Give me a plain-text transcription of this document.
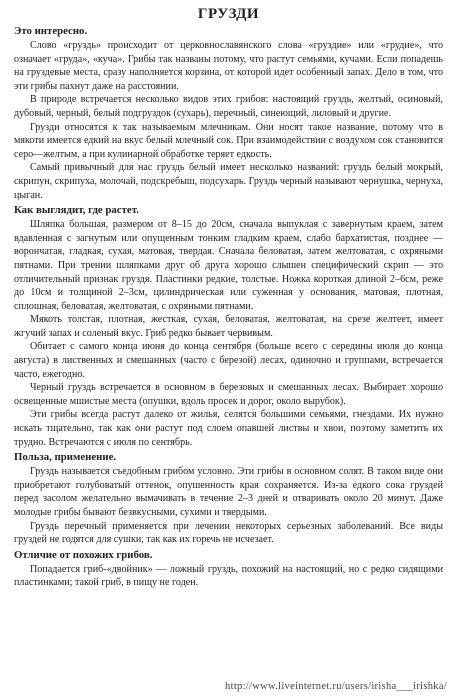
ГРУЗДИ
Это интересно.

Слово «груздь» происходит от церковнославянского слова «груздие» или «грудие», что означает «груда», «куча». Грибы так названы потому, что растут семьями, кучами. Если попадешь на груздевые места, сразу наполняется корзина, от которой идет особенный запах. Дело в том, что эти грибы пахнут даже на расстоянии.

В природе встречается несколько видов этих грибов: настоящий груздь, желтый, осиновый, дубовый, черный, белый подгруздок (сухарь), перечный, синеющий, лиловый и другие.

Грузди относятся к так называемым млечникам. Они носят такое название, потому что в мякоти имеется едкий на вкус белый млечный сок. При взаимодействии с воздухом сок становится серо—желтым, а при кулинарной обработке теряет едкость.

Самый привычный для нас груздь белый имеет несколько названий: груздь белый мокрый, скрипун, скрипуха, молочай, подскребыш, подсухарь. Груздь черный называют чернушка, чернуха, цыган.

Как выглядит, где растет.

Шляпка большая, размером от 8–15 до 20см, сначала выпуклая с завернутым краем, затем вдавленная с загнутым или опущенным тонким гладким краем, слабо бархатистая, позднее — ворончатая, гладкая, сухая, матовая, твердая. Сначала беловатая, затем желтоватая, с охряными пятнами. При трении шляпками друг об друга хорошо слышен специфический скрип — это отличительный признак груздя. Пластинки редкие, толстые. Ножка короткая длиной 2–6см, реже до 10см и толщиной 2–3см, цилиндрическая или суженная у основания, матовая, плотная, сплошная, беловатая, желтоватая, с охряными пятнами.

Мякоть толстая, плотная, жесткая, сухая, беловатая, желтоватая, на срезе желтеет, имеет жгучий запах и соленый вкус. Гриб редко бывает червивым.

Обитает с самого конца июня до конца сентября (больше всего с середины июля до конца августа) в лиственных и смешанных (часто с березой) лесах, одиночно и группами, встречается часто, ежегодно.

Черный груздь встречается в основном в березовых и смешанных лесах. Выбирает хорошо освещенные мшистые места (опушки, вдоль просек и дорог, около вырубок).

Эти грибы всегда растут далеко от жилья, селятся большими семьями, гнездами. Их нужно искать тщательно, так как они растут под слоем опавшей листвы и хвои, поэтому заметить их трудно. Встречаются с июля по сентябрь.

Польза, применение.

Груздь называется съедобным грибом условно. Эти грибы в основном солят. В таком виде они приобретают голубоватый оттенок, опушенность края сохраняется. Из-за едкого сока груздей перед засолом желательно вымачивать в течение 2–3 дней и отваривать около 20 минут. Даже молодые грибы бывают безвкусными, сухими и твердыми.

Груздь перечный применяется при лечении некоторых серьезных заболеваний. Все виды груздей не годятся для сушки, так как их горечь не исчезает.

Отличие от похожих грибов.

Попадается гриб-«двойник» — ложный груздь, похожий на настоящий, но с редко сидящими пластинками; такой гриб, в пищу не годен.

http://www.liveinternet.ru/users/irisha___irishka/
